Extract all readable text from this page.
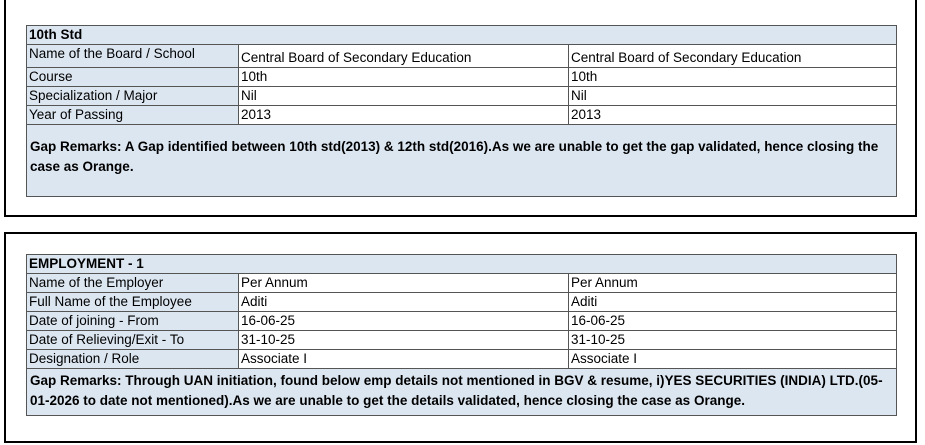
10th Std		
Name of the Board / School	Central Board of Secondary Education	Central Board of Secondary Education
Course	10th	10th
Specialization / Major	Nil	Nil
Year of Passing	2013	2013
Gap Remarks: A Gap identified between 10th std(2013) & 12th std(2016).As we are unable to get the gap validated, hence closing the case as Orange.		
EMPLOYMENT - 1		
Name of the Employer	Per Annum	Per Annum
Full Name of the Employee	Aditi	Aditi
Date of joining - From	16-06-25	16-06-25
Date of Relieving/Exit - To	31-10-25	31-10-25
Designation / Role	Associate I	Associate I
Gap Remarks: Through UAN initiation, found below emp details not mentioned in BGV & resume, i)YES SECURITIES (INDIA) LTD.(05-01-2026 to date not mentioned).As we are unable to get the details validated, hence closing the case as Orange.		
